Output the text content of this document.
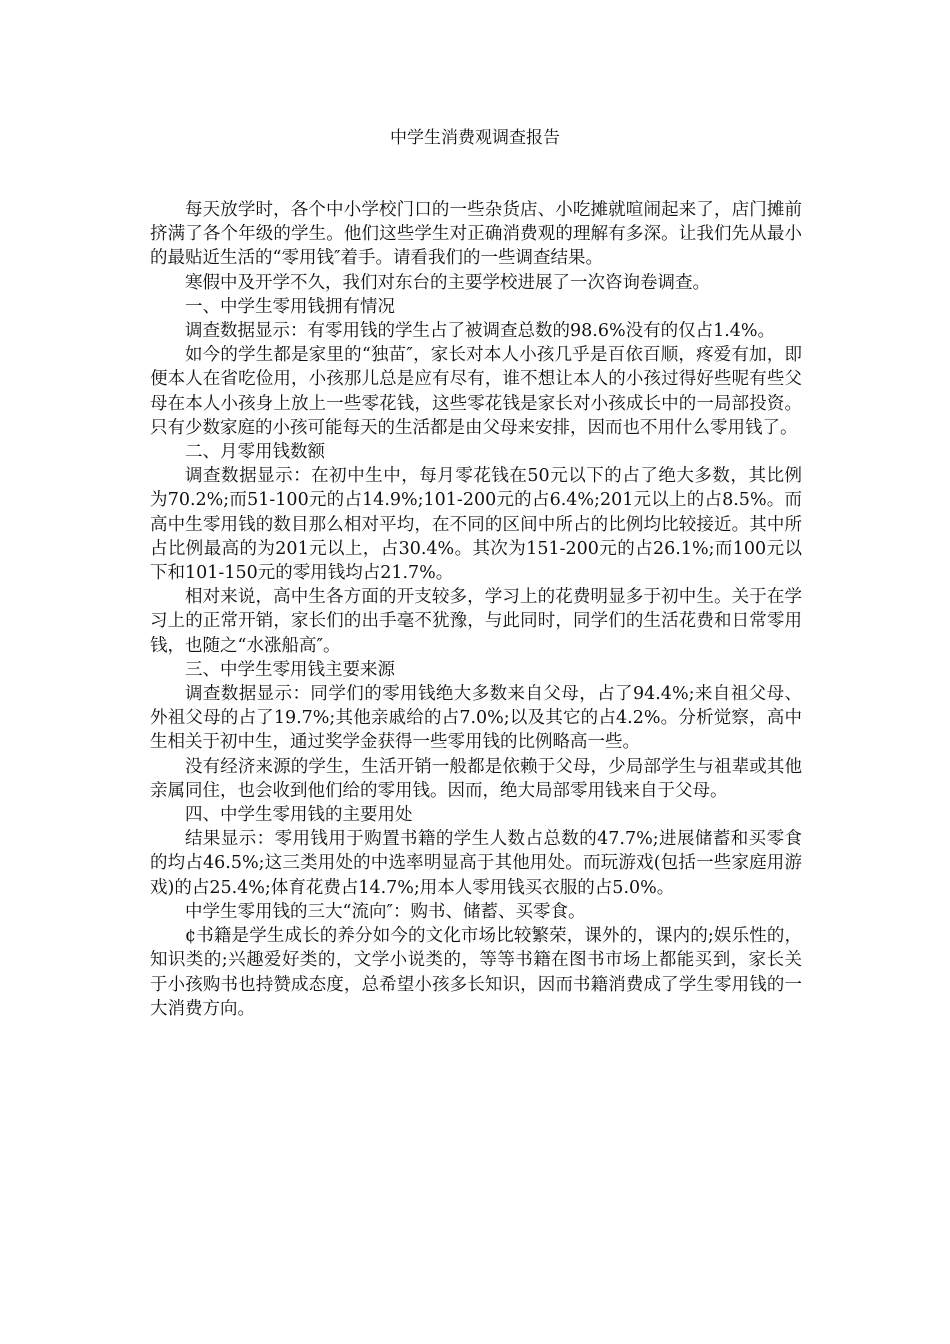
中学生消费观调查报告

每天放学时，各个中小学校门口的一些杂货店、小吃摊就喧闹起来了，店门摊前挤满了各个年级的学生。他们这些学生对正确消费观的理解有多深。让我们先从最小的最贴近生活的“零用钱″着手。请看我们的一些调查结果。

寒假中及开学不久，我们对东台的主要学校进展了一次咨询卷调查。

一、中学生零用钱拥有情况

调查数据显示：有零用钱的学生占了被调查总数的98.6%没有的仅占1.4%。

如今的学生都是家里的“独苗″，家长对本人小孩几乎是百依百顺，疼爱有加，即便本人在省吃俭用，小孩那儿总是应有尽有，谁不想让本人的小孩过得好些呢有些父母在本人小孩身上放上一些零花钱，这些零花钱是家长对小孩成长中的一局部投资。只有少数家庭的小孩可能每天的生活都是由父母来安排，因而也不用什么零用钱了。

二、月零用钱数额

调查数据显示：在初中生中，每月零花钱在50元以下的占了绝大多数，其比例为70.2%;而51-100元的占14.9%;101-200元的占6.4%;201元以上的占8.5%。而高中生零用钱的数目那么相对平均，在不同的区间中所占的比例均比较接近。其中所占比例最高的为201元以上，占30.4%。其次为151-200元的占26.1%;而100元以下和101-150元的零用钱均占21.7%。

相对来说，高中生各方面的开支较多，学习上的花费明显多于初中生。关于在学习上的正常开销，家长们的出手毫不犹豫，与此同时，同学们的生活花费和日常零用钱，也随之“水涨船高″。

三、中学生零用钱主要来源

调查数据显示：同学们的零用钱绝大多数来自父母，占了94.4%;来自祖父母、外祖父母的占了19.7%;其他亲戚给的占7.0%;以及其它的占4.2%。分析觉察，高中生相关于初中生，通过奖学金获得一些零用钱的比例略高一些。

没有经济来源的学生，生活开销一般都是依赖于父母，少局部学生与祖辈或其他亲属同住，也会收到他们给的零用钱。因而，绝大局部零用钱来自于父母。

四、中学生零用钱的主要用处

结果显示：零用钱用于购置书籍的学生人数占总数的47.7%;进展储蓄和买零食的均占46.5%;这三类用处的中选率明显高于其他用处。而玩游戏(包括一些家庭用游戏)的占25.4%;体育花费占14.7%;用本人零用钱买衣服的占5.0%。

中学生零用钱的三大“流向″：购书、储蓄、买零食。

¢书籍是学生成长的养分如今的文化市场比较繁荣，课外的，课内的;娱乐性的，知识类的;兴趣爱好类的，文学小说类的，等等书籍在图书市场上都能买到，家长关于小孩购书也持赞成态度，总希望小孩多长知识，因而书籍消费成了学生零用钱的一大消费方向。
